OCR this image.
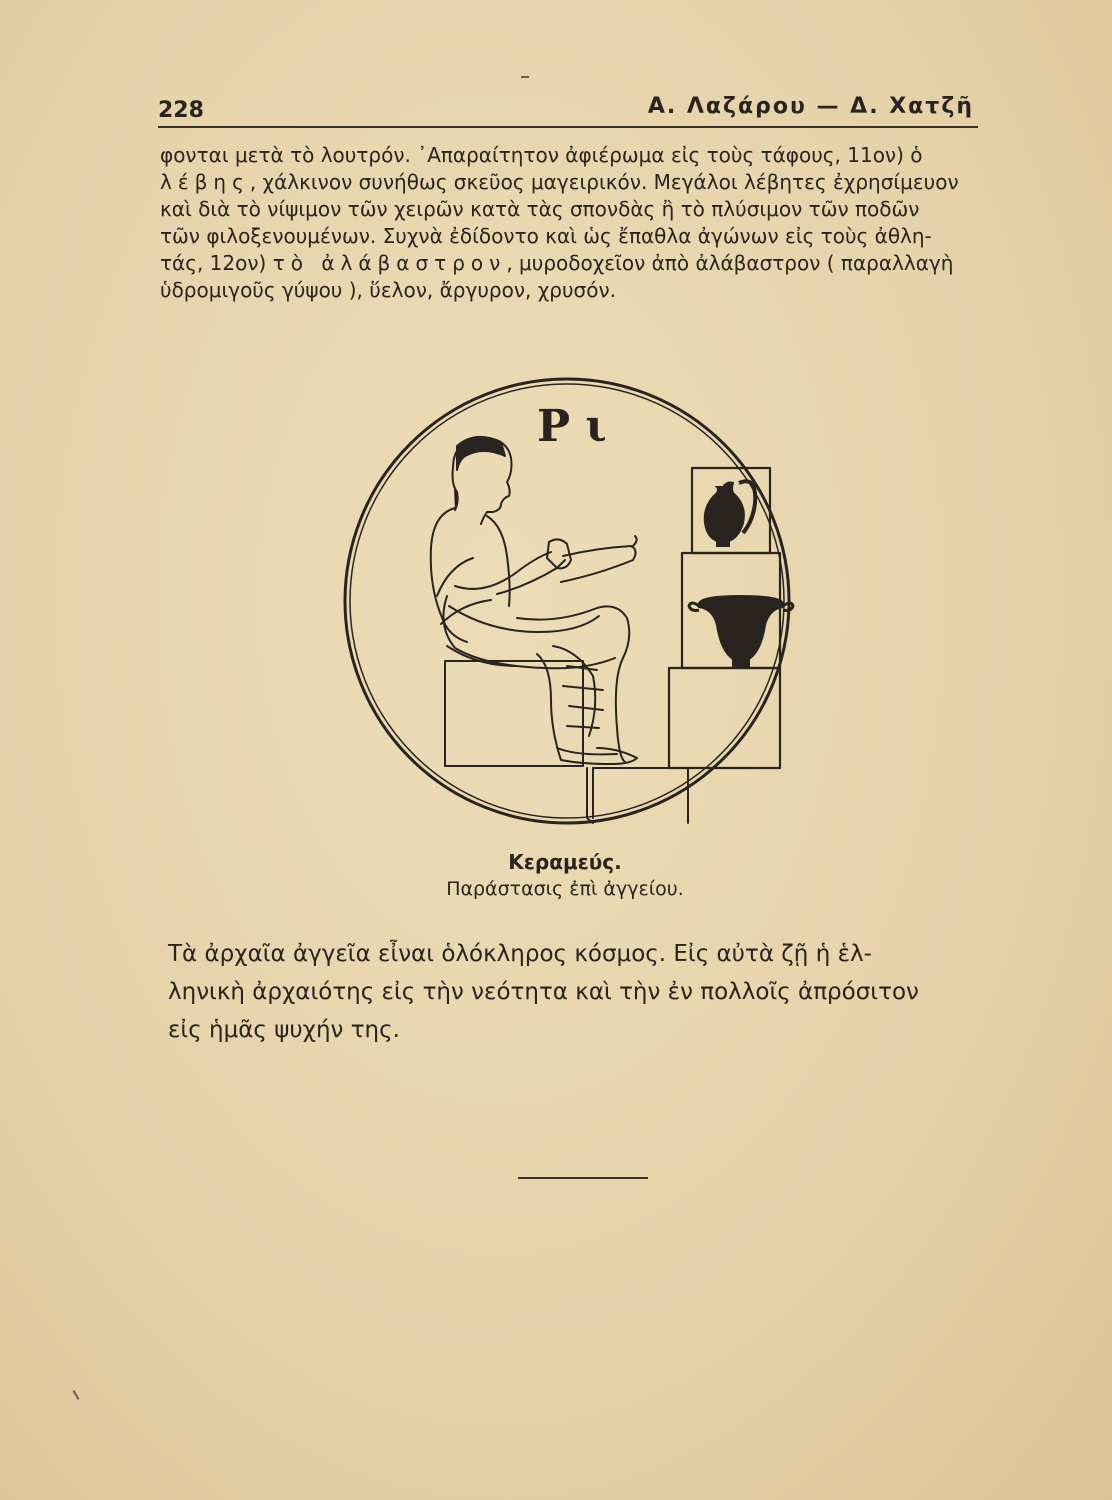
228	Α. Λαζάρου — Δ. Χατζῆ

φονται μετὰ τὸ λουτρόν. ᾿Απαραίτητον ἀφιέρωμα εἰς τοὺς τάφους, 11ον) ὁ
λέβης, χάλκινον συνήθως σκεῦος μαγειρικόν. Μεγάλοι λέβητες ἐχρησίμευον
καὶ διὰ τὸ νίψιμον τῶν χειρῶν κατὰ τὰς σπονδὰς ἢ τὸ πλύσιμον τῶν ποδῶν
τῶν φιλοξενουμένων. Συχνὰ ἐδίδοντο καὶ ὡς ἔπαθλα ἀγώνων εἰς τοὺς ἀθλη-
τάς, 12ον) τὸ ἀλάβαστρον, μυροδοχεῖον ἀπὸ ἀλάβαστρον ( παραλλαγὴ
ὑδρομιγοῦς γύψου ), ὕελον, ἄργυρον, χρυσόν.

Ρ ι
Κεραμεύς.
Παράστασις ἐπὶ ἀγγείου.

Τὰ ἀρχαῖα ἀγγεῖα εἶναι ὁλόκληρος κόσμος. Εἰς αὐτὰ ζῇ ἡ ἑλ-
ληνικὴ ἀρχαιότης εἰς τὴν νεότητα καὶ τὴν ἐν πολλοῖς ἀπρόσιτον
εἰς ἡμᾶς ψυχήν της.
